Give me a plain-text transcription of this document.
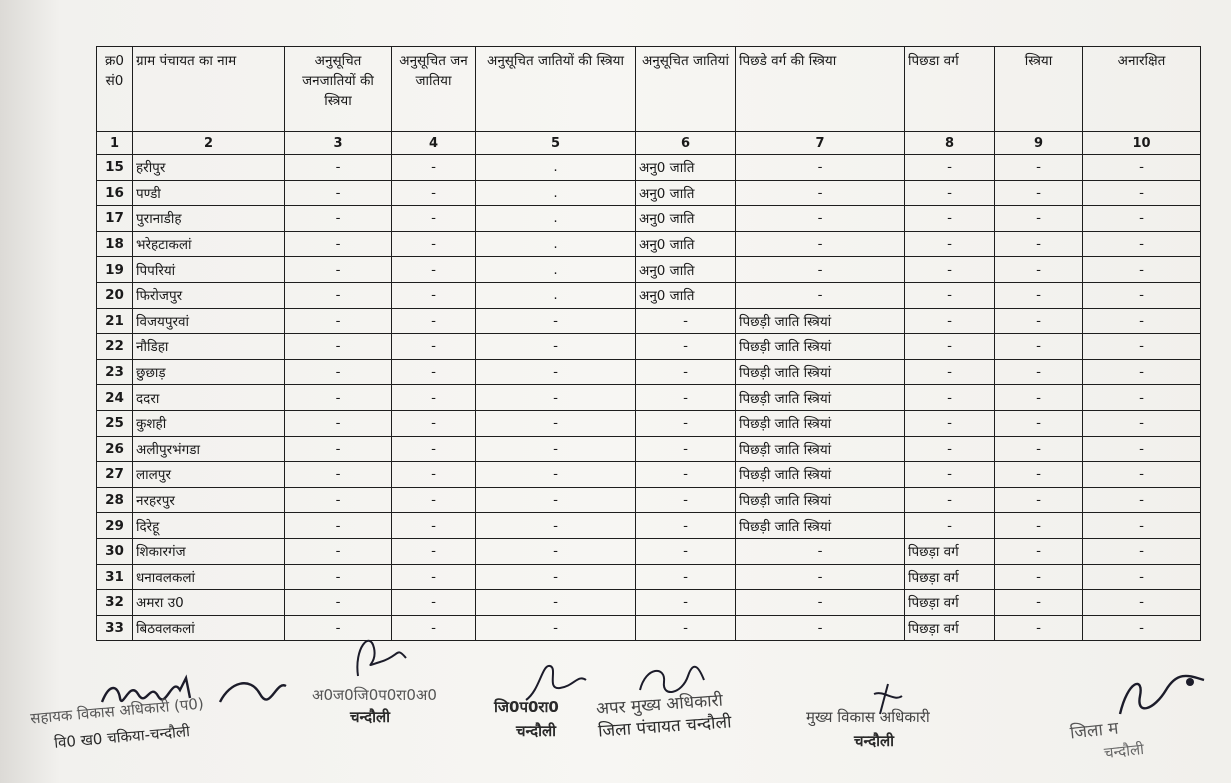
क्र0 सं0	ग्राम पंचायत का नाम	अनुसूचित जनजातियों की स्त्रिया	अनुसूचित जन जातिया	अनुसूचित जातियों की स्त्रिया	अनुसूचित जातियां	पिछडे वर्ग की स्त्रिया	पिछडा वर्ग	स्त्रिया	अनारक्षित
1	2	3	4	5	6	7	8	9	10
15	हरीपुर	-	-	.	अनु0 जाति	-	-	-	-
16	पण्डी	-	-	.	अनु0 जाति	-	-	-	-
17	पुरानाडीह	-	-	.	अनु0 जाति	-	-	-	-
18	भरेहटाकलां	-	-	.	अनु0 जाति	-	-	-	-
19	पिपरियां	-	-	.	अनु0 जाति	-	-	-	-
20	फिरोजपुर	-	-	.	अनु0 जाति	-	-	-	-
21	विजयपुरवां	-	-	-	-	पिछड़ी जाति स्त्रियां	-	-	-
22	नौडिहा	-	-	-	-	पिछड़ी जाति स्त्रियां	-	-	-
23	छुछाड़	-	-	-	-	पिछड़ी जाति स्त्रियां	-	-	-
24	ददरा	-	-	-	-	पिछड़ी जाति स्त्रियां	-	-	-
25	कुशही	-	-	-	-	पिछड़ी जाति स्त्रियां	-	-	-
26	अलीपुरभंगडा	-	-	-	-	पिछड़ी जाति स्त्रियां	-	-	-
27	लालपुर	-	-	-	-	पिछड़ी जाति स्त्रियां	-	-	-
28	नरहरपुर	-	-	-	-	पिछड़ी जाति स्त्रियां	-	-	-
29	दिरेहू	-	-	-	-	पिछड़ी जाति स्त्रियां	-	-	-
30	शिकारगंज	-	-	-	-	-	पिछड़ा वर्ग	-	-
31	धनावलकलां	-	-	-	-	-	पिछड़ा वर्ग	-	-
32	अमरा उ0	-	-	-	-	-	पिछड़ा वर्ग	-	-
33	बिठवलकलां	-	-	-	-	-	पिछड़ा वर्ग	-	-
सहायक विकास अधिकारी (प0)
वि0 ख0 चकिया-चन्दौली
अ0ज0जि0प0रा0अ0
चन्दौली
जि0प0रा0
चन्दौली
अपर मुख्य अधिकारी
जिला पंचायत चन्दौली	मुख्य विकास अधिकारी
चन्दौली	जिला म
चन्दौली
